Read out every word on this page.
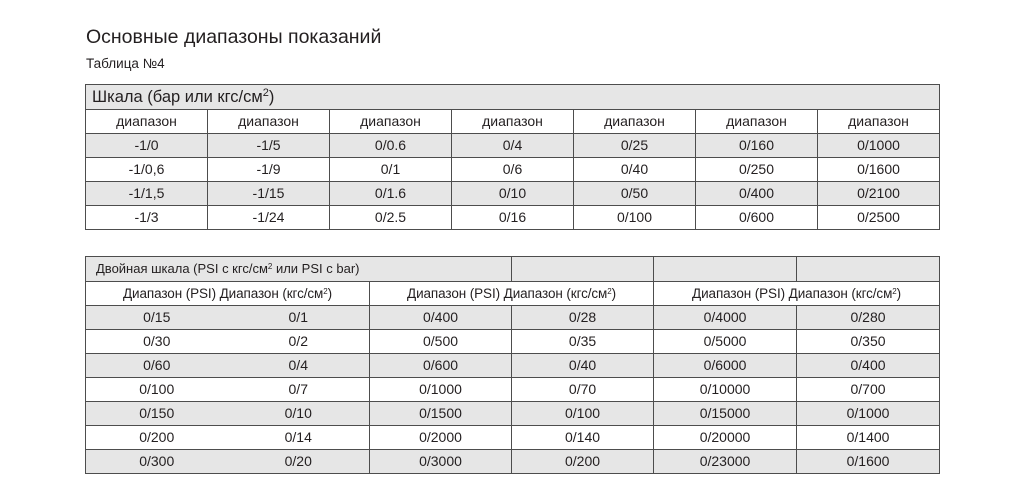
Основные диапазоны показаний
Таблица №4
Шкала (бар или кгс/$см^2$)						
диапазон	диапазон	диапазон	диапазон	диапазон	диапазон	диапазон
-1/0	-1/5	0/0.6	0/4	0/25	0/160	0/1000
-1/0,6	-1/9	0/1	0/6	0/40	0/250	0/1600
-1/1,5	-1/15	0/1.6	0/10	0/50	0/400	0/2100
-1/3	-1/24	0/2.5	0/16	0/100	0/600	0/2500
Двойная шкала (PSI с кгс/$см^2$ или PSI с bar)					
Диапазон (PSI) Диапазон $(кгс/см^2)$		Диапазон (PSI) Диапазон $(кгс/см^2)$		Диапазон (PSI) Диапазон $(кгс/см^2)$	
0/15	0/1	0/400	0/28	0/4000	0/280
0/30	0/2	0/500	0/35	0/5000	0/350
0/60	0/4	0/600	0/40	0/6000	0/400
0/100	0/7	0/1000	0/70	0/10000	0/700
0/150	0/10	0/1500	0/100	0/15000	0/1000
0/200	0/14	0/2000	0/140	0/20000	0/1400
0/300	0/20	0/3000	0/200	0/23000	0/1600
